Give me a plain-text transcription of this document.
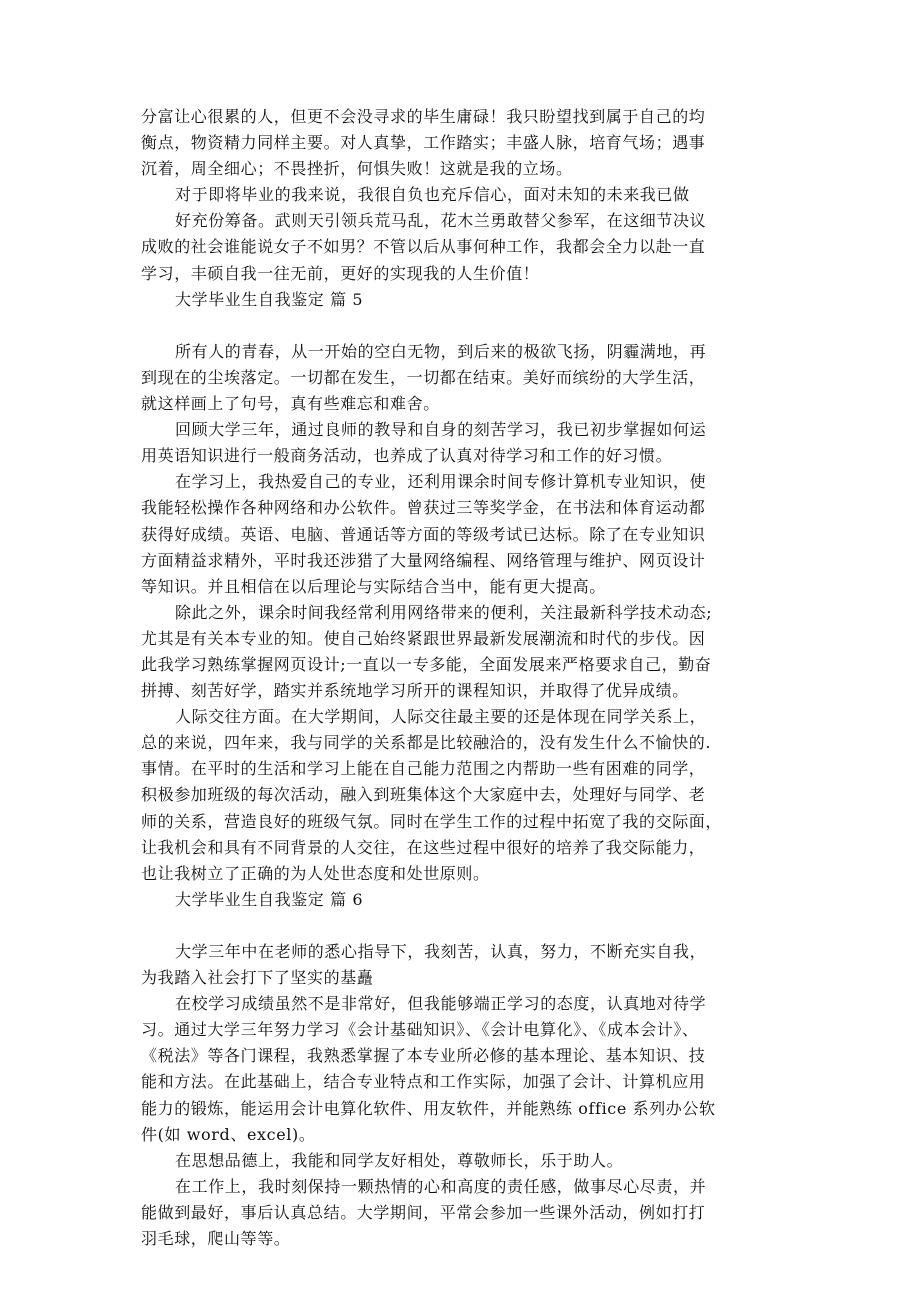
分富让心很累的人，但更不会没寻求的毕生庸碌！我只盼望找到属于自己的均
衡点，物资精力同样主要。对人真挚，工作踏实；丰盛人脉，培育气场；遇事
沉着，周全细心；不畏挫折，何惧失败！这就是我的立场。
对于即将毕业的我来说，我很自负也充斥信心，面对未知的未来我已做
好充份筹备。武则天引领兵荒马乱，花木兰勇敢替父参军，在这细节决议
成败的社会谁能说女子不如男？不管以后从事何种工作，我都会全力以赴一直
学习，丰硕自我一往无前，更好的实现我的人生价值！
大学毕业生自我鉴定 篇 5
所有人的青春，从一开始的空白无物，到后来的极欲飞扬，阴霾满地，再
到现在的尘埃落定。一切都在发生，一切都在结束。美好而缤纷的大学生活，
就这样画上了句号，真有些难忘和难舍。
回顾大学三年，通过良师的教导和自身的刻苦学习，我已初步掌握如何运
用英语知识进行一般商务活动，也养成了认真对待学习和工作的好习惯。
在学习上，我热爱自己的专业，还利用课余时间专修计算机专业知识，使
我能轻松操作各种网络和办公软件。曾获过三等奖学金，在书法和体育运动都
获得好成绩。英语、电脑、普通话等方面的等级考试已达标。除了在专业知识
方面精益求精外，平时我还涉猎了大量网络编程、网络管理与维护、网页设计
等知识。并且相信在以后理论与实际结合当中，能有更大提高。
除此之外，课余时间我经常利用网络带来的便利，关注最新科学技术动态;
尤其是有关本专业的知。使自己始终紧跟世界最新发展潮流和时代的步伐。因
此我学习熟练掌握网页设计;一直以一专多能，全面发展来严格要求自己，勤奋
拼搏、刻苦好学，踏实并系统地学习所开的课程知识，并取得了优异成绩。
人际交往方面。在大学期间，人际交往最主要的还是体现在同学关系上，
总的来说，四年来，我与同学的关系都是比较融洽的，没有发生什么不愉快的.
事情。在平时的生活和学习上能在自己能力范围之内帮助一些有困难的同学，
积极参加班级的每次活动，融入到班集体这个大家庭中去，处理好与同学、老
师的关系，营造良好的班级气氛。同时在学生工作的过程中拓宽了我的交际面，
让我机会和具有不同背景的人交往，在这些过程中很好的培养了我交际能力，
也让我树立了正确的为人处世态度和处世原则。
大学毕业生自我鉴定 篇 6
大学三年中在老师的悉心指导下，我刻苦，认真，努力，不断充实自我，
为我踏入社会打下了坚实的基矗
在校学习成绩虽然不是非常好，但我能够端正学习的态度，认真地对待学
习。通过大学三年努力学习《会计基础知识》、《会计电算化》、《成本会计》、
《税法》等各门课程，我熟悉掌握了本专业所必修的基本理论、基本知识、技
能和方法。在此基础上，结合专业特点和工作实际，加强了会计、计算机应用
能力的锻炼，能运用会计电算化软件、用友软件，并能熟练 office 系列办公软
件(如 word、excel)。
在思想品德上，我能和同学友好相处，尊敬师长，乐于助人。
在工作上，我时刻保持一颗热情的心和高度的责任感，做事尽心尽责，并
能做到最好，事后认真总结。大学期间，平常会参加一些课外活动，例如打打
羽毛球，爬山等等。
